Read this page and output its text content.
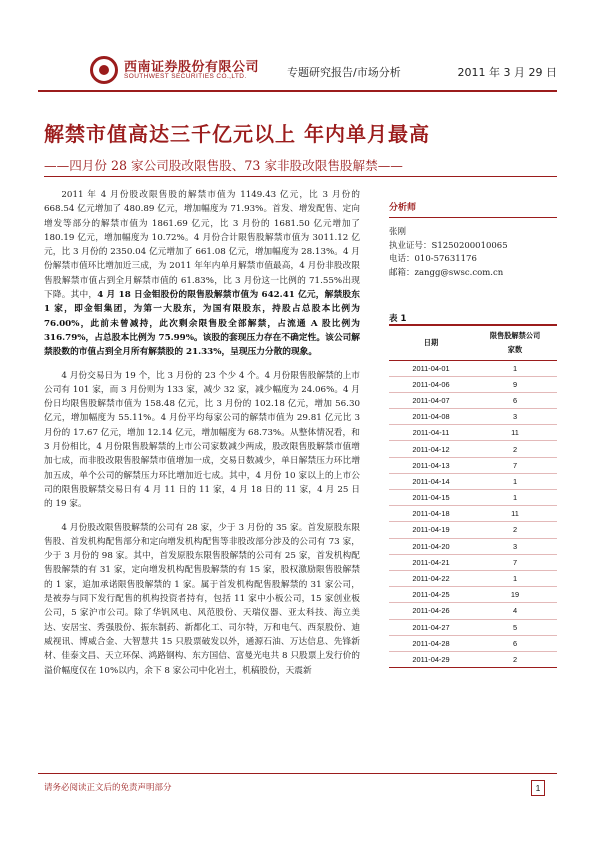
西南证券股份有限公司
SOUTHWEST SECURITIES CO.,LTD.	专题研究报告/市场分析	2011 年 3 月 29 日
解禁市值高达三千亿元以上 年内单月最高
——四月份 28 家公司股改限售股、73 家非股改限售股解禁——

2011 年 4 月份股改限售股的解禁市值为 1149.43 亿元，比 3 月份的 668.54 亿元增加了 480.89 亿元，增加幅度为 71.93%。首发、增发配售、定向增发等部分的解禁市值为 1861.69 亿元，比 3 月份的 1681.50 亿元增加了 180.19 亿元，增加幅度为 10.72%。4 月份合计限售股解禁市值为 3011.12 亿元，比 3 月份的 2350.04 亿元增加了 661.08 亿元，增加幅度为 28.13%。4 月份解禁市值环比增加近三成，为 2011 年年内单月解禁市值最高，4 月份非股改限售股解禁市值占到全月解禁市值的 61.83%，比 3 月份这一比例的 71.55%出现下降。其中，4 月 18 日金钼股份的限售股解禁市值为 642.41 亿元，解禁股东 1 家，即金钼集团，为第一大股东，为国有限股东，持股占总股本比例为 76.00%，此前未曾减持，此次剩余限售股全部解禁，占流通 A 股比例为 316.79%，占总股本比例为 75.99%。该股的套现压力存在不确定性。该公司解禁股数的市值占到全月所有解禁股的 21.33%，呈现压力分散的现象。

4 月份交易日为 19 个，比 3 月份的 23 个少 4 个。4 月份限售股解禁的上市公司有 101 家，而 3 月份则为 133 家，减少 32 家，减少幅度为 24.06%。4 月份日均限售股解禁市值为 158.48 亿元，比 3 月份的 102.18 亿元，增加 56.30 亿元，增加幅度为 55.11%。4 月份平均每家公司的解禁市值为 29.81 亿元比 3 月份的 17.67 亿元，增加 12.14 亿元，增加幅度为 68.73%。从整体情况看，和 3 月份相比，4 月份限售股解禁的上市公司家数减少两成，股改限售股解禁市值增加七成，而非股改限售股解禁市值增加一成，交易日数减少，单日解禁压力环比增加五成，单个公司的解禁压力环比增加近七成。其中，4 月份 10 家以上的上市公司的限售股解禁交易日有 4 月 11 日的 11 家，4 月 18 日的 11 家，4 月 25 日的 19 家。

4 月份股改限售股解禁的公司有 28 家，少于 3 月份的 35 家。首发原股东限售股、首发机构配售部分和定向增发机构配售等非股改部分涉及的公司有 73 家，少于 3 月份的 98 家。其中，首发原股东限售股解禁的公司有 25 家，首发机构配售股解禁的有 31 家，定向增发机构配售股解禁的有 15 家，股权激励限售股解禁的 1 家，追加承诺限售股解禁的 1 家。属于首发机构配售股解禁的 31 家公司，是被券与同下发行配售的机构投资者持有，包括 11 家中小板公司，15 家创业板公司，5 家沪市公司。除了华钒风电、风范股份、天瑞仪器、亚太科技、海立美达、安居宝、秀强股份、振东制药、新都化工、司尔特，万和电气、西泵股份、迪威视讯、博威合金、大智慧共 15 只股票破发以外，通源石油、万达信息、先锋新材、佳泰文昌、天立环保、鸿路钢构、东方国信、富曼光电共 8 只股票上发行价的溢价幅度仅在 10%以内，余下 8 家公司中化岩土，机稿股份，天震新

分析师
张刚
执业证号：S1250200010065
电话：010-57631176
邮箱：zangg@swsc.com.cn
表 1
日期	限售股解禁公司家数
2011-04-01	1
2011-04-06	9
2011-04-07	6
2011-04-08	3
2011-04-11	11
2011-04-12	2
2011-04-13	7
2011-04-14	1
2011-04-15	1
2011-04-18	11
2011-04-19	2
2011-04-20	3
2011-04-21	7
2011-04-22	1
2011-04-25	19
2011-04-26	4
2011-04-27	5
2011-04-28	6
2011-04-29	2
请务必阅读正文后的免责声明部分	1
